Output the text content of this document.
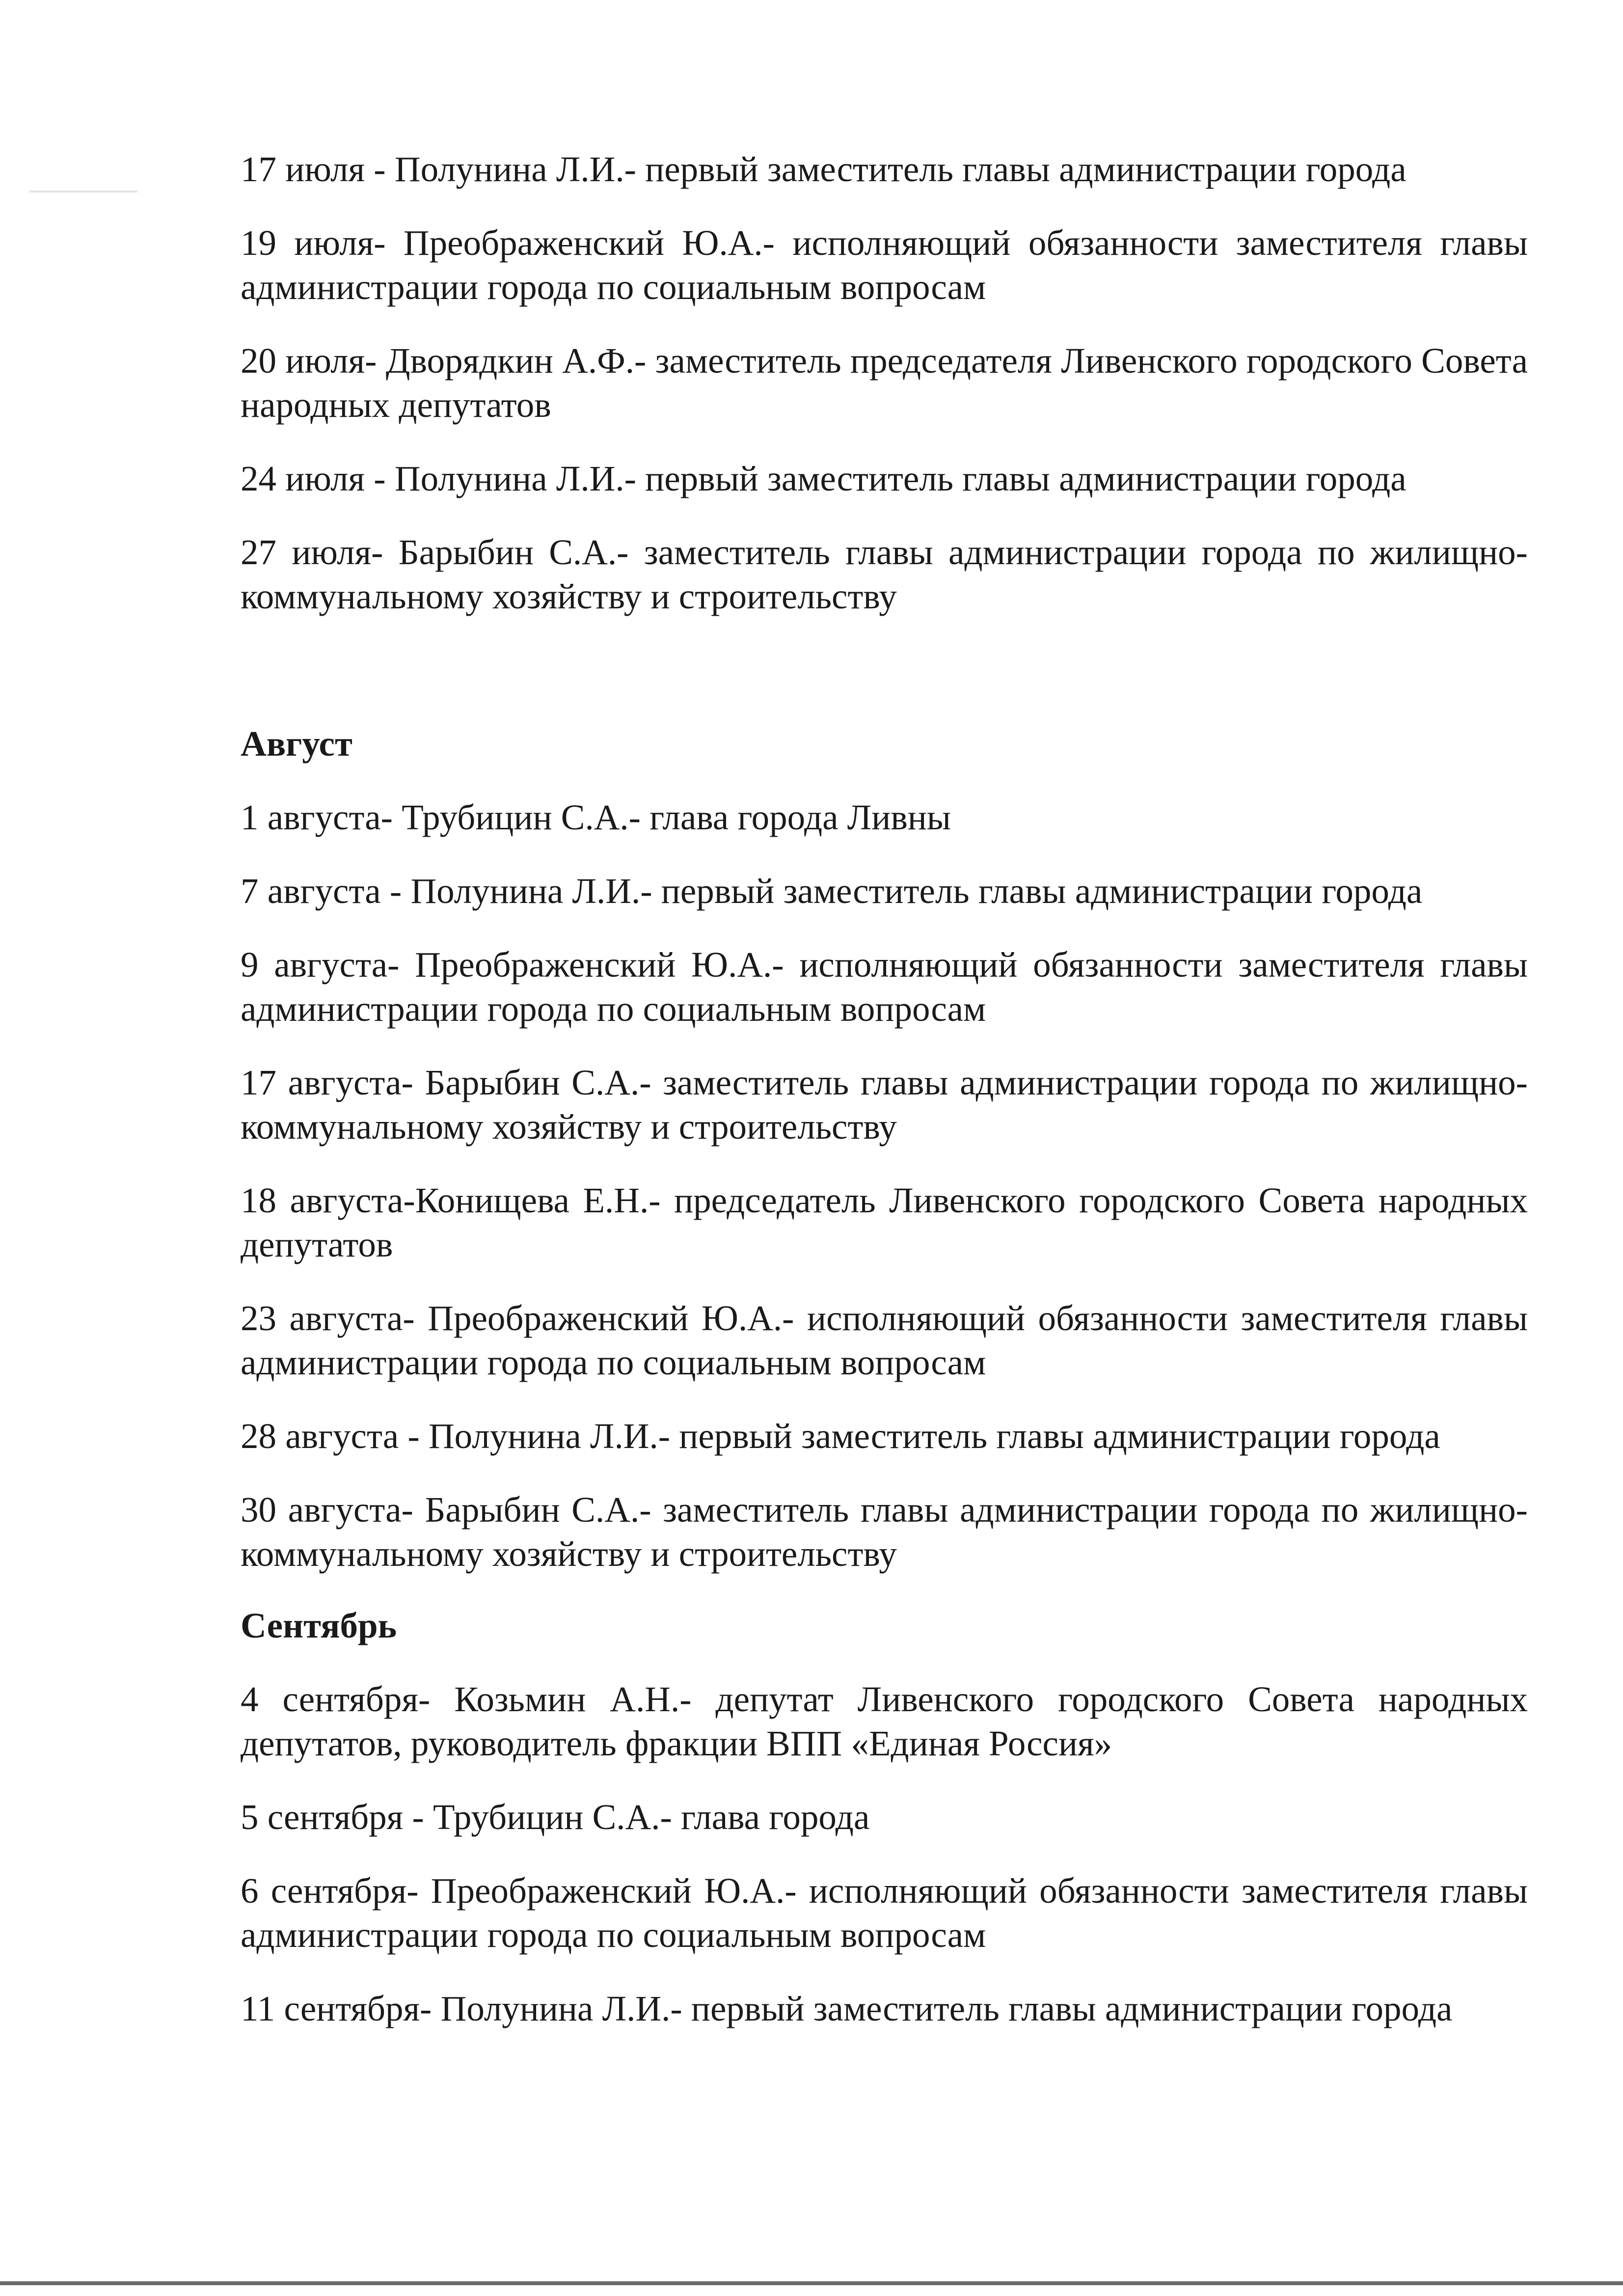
17 июля - Полунина Л.И.- первый заместитель главы администрации города

19 июля- Преображенский Ю.А.- исполняющий обязанности заместителя главы администрации города по социальным вопросам

20 июля- Дворядкин А.Ф.- заместитель председателя Ливенского городского Совета народных депутатов

24 июля - Полунина Л.И.- первый заместитель главы администрации города

27 июля- Барыбин С.А.- заместитель главы администрации города по жилищно-коммунальному хозяйству и строительству

Август

1 августа- Трубицин С.А.- глава города Ливны

7 августа - Полунина Л.И.- первый заместитель главы администрации города

9 августа- Преображенский Ю.А.- исполняющий обязанности заместителя главы администрации города по социальным вопросам

17 августа- Барыбин С.А.- заместитель главы администрации города по жилищно-коммунальному хозяйству и строительству

18 августа-Конищева Е.Н.- председатель Ливенского городского Совета народных депутатов

23 августа- Преображенский Ю.А.- исполняющий обязанности заместителя главы администрации города по социальным вопросам

28 августа - Полунина Л.И.- первый заместитель главы администрации города

30 августа- Барыбин С.А.- заместитель главы администрации города по жилищно-коммунальному хозяйству и строительству

Сентябрь

4 сентября- Козьмин А.Н.- депутат Ливенского городского Совета народных депутатов, руководитель фракции ВПП «Единая Россия»

5 сентября - Трубицин С.А.- глава города

6 сентября- Преображенский Ю.А.- исполняющий обязанности заместителя главы администрации города по социальным вопросам

11 сентября- Полунина Л.И.- первый заместитель главы администрации города
